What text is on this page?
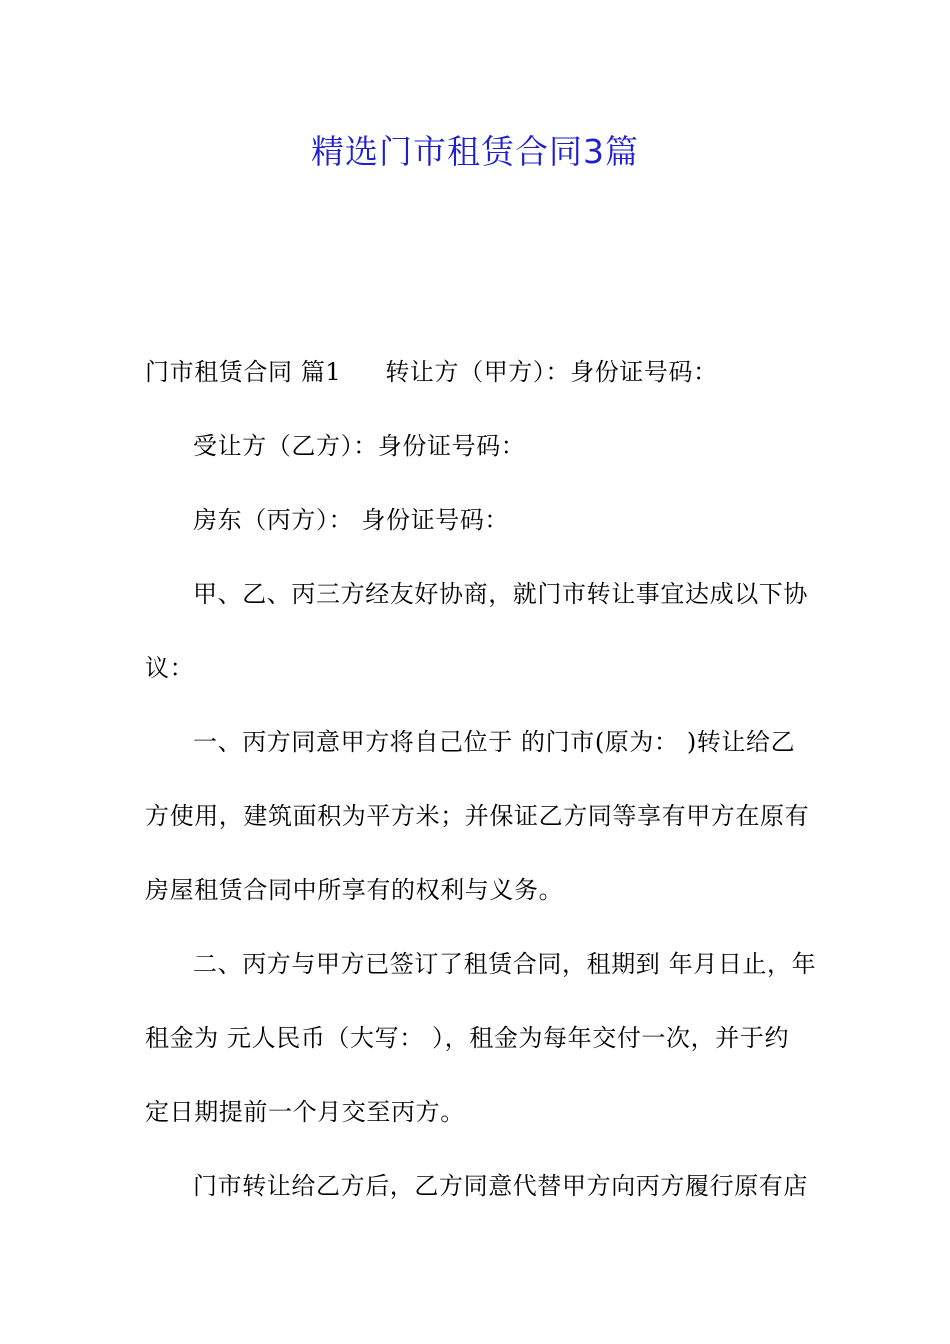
精选门市租赁合同3篇
门市租赁合同 篇1 转让方（甲方）：身份证号码：
受让方（乙方）：身份证号码：
房东（丙方）： 身份证号码：
甲、乙、丙三方经友好协商，就门市转让事宜达成以下协
议：
一、丙方同意甲方将自己位于 的门市(原为： )转让给乙
方使用，建筑面积为平方米；并保证乙方同等享有甲方在原有
房屋租赁合同中所享有的权利与义务。
二、丙方与甲方已签订了租赁合同，租期到 年月日止，年
租金为 元人民币（大写： ），租金为每年交付一次，并于约
定日期提前一个月交至丙方。
门市转让给乙方后，乙方同意代替甲方向丙方履行原有店
